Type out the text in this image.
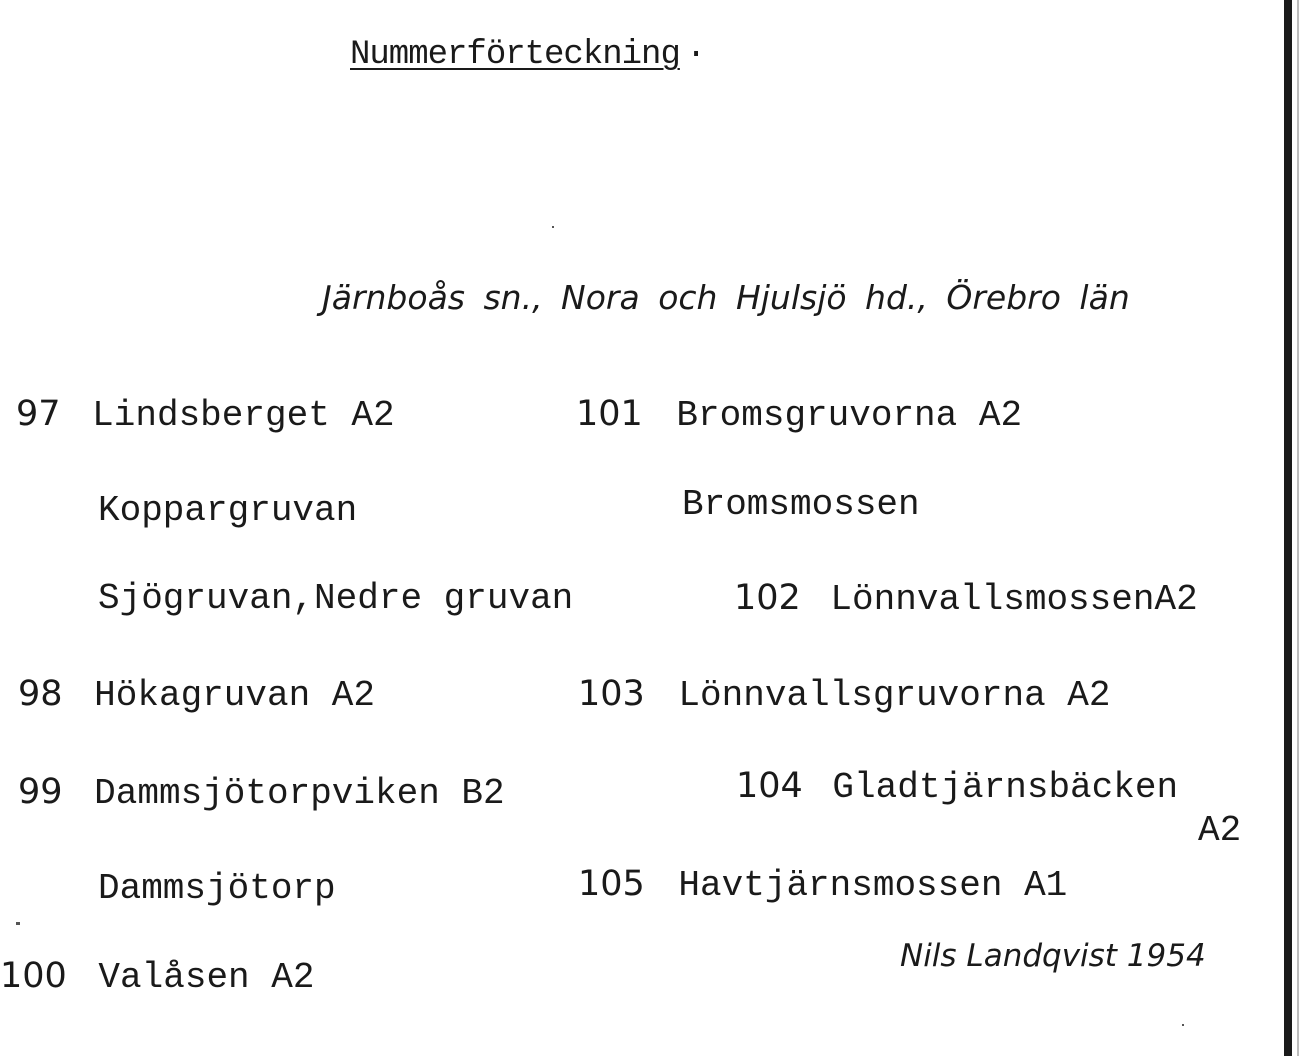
Nummerförteckning ·
Järnboås sn., Nora och Hjulsjö hd., Örebro län
97 Lindsberget A2
Koppargruvan
Sjögruvan,Nedre gruvan
98 Hökagruvan A2
99 Dammsjötorpviken B2
Dammsjötorp
100 Valåsen A2
101 Bromsgruvorna A2
Bromsmossen
102 LönnvallsmossenA2
103 Lönnvallsgruvorna A2
104 Gladtjärnsbäcken
A2
105 Havtjärnsmossen A1
Nils Landqvist 1954
